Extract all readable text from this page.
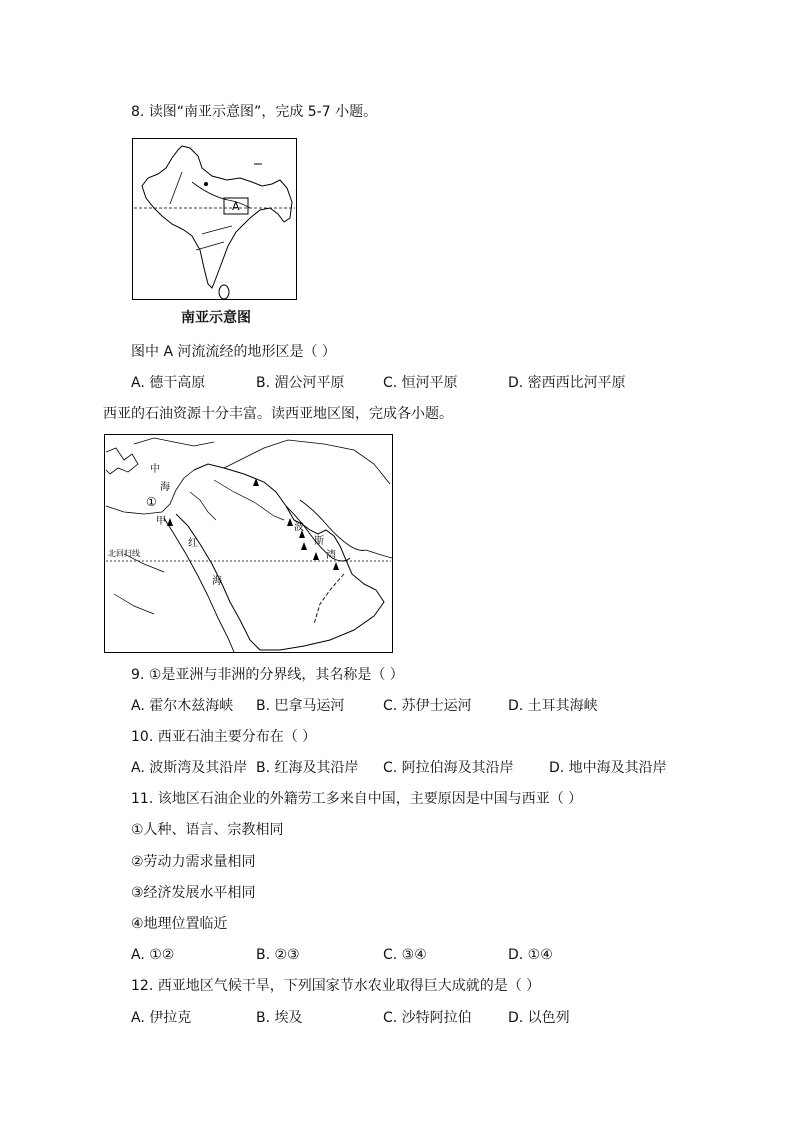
8. 读图“南亚示意图”，完成 5-7 小题。
A
南亚示意图
图中 A 河流流经的地形区是（ ）
A. 德干高原	B. 湄公河平原	C. 恒河平原	D. 密西西比河平原
西亚的石油资源十分丰富。读西亚地区图，完成各小题。
中
海
①
甲
红
海
波
斯
湾
北回归线
9. ①是亚洲与非洲的分界线，其名称是（ ）
A. 霍尔木兹海峡 B. 巴拿马运河	C. 苏伊士运河	D. 土耳其海峡
10. 西亚石油主要分布在（ ）
A. 波斯湾及其沿岸 B. 红海及其沿岸 C. 阿拉伯海及其沿岸	D. 地中海及其沿岸
11. 该地区石油企业的外籍劳工多来自中国，主要原因是中国与西亚（ ）
①人种、语言、宗教相同
②劳动力需求量相同
③经济发展水平相同
④地理位置临近
A. ①②	B. ②③	C. ③④	D. ①④
12. 西亚地区气候干旱，下列国家节水农业取得巨大成就的是（ ）
A. 伊拉克	B. 埃及	C. 沙特阿拉伯	D. 以色列
